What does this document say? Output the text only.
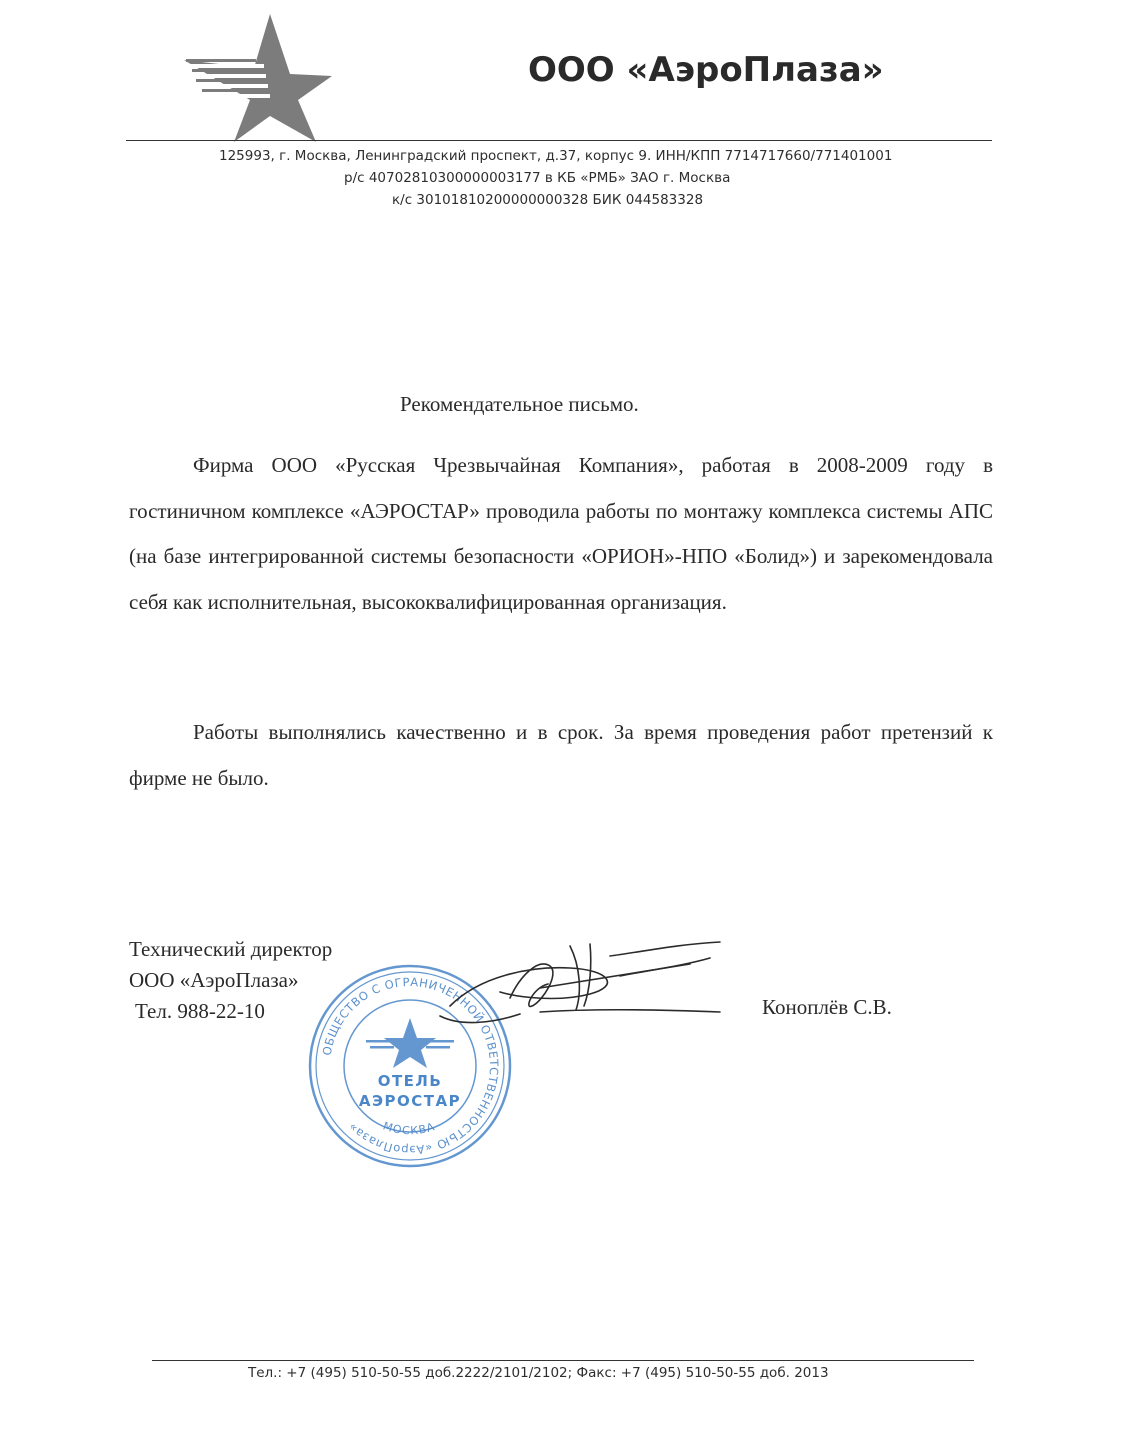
ООО «АэроПлаза»
125993, г. Москва, Ленинградский проспект, д.37, корпус 9. ИНН/КПП 7714717660/771401001
р/с 40702810300000003177 в КБ «РМБ» ЗАО г. Москва
к/с 30101810200000000328 БИК 044583328
Рекомендательное письмо.

Фирма ООО «Русская Чрезвычайная Компания», работая в 2008-2009 году в гостиничном комплексе «АЭРОСТАР» проводила работы по монтажу комплекса системы АПС (на базе интегрированной системы безопасности «ОРИОН»-НПО «Болид») и зарекомендовала себя как исполнительная, высококвалифицированная организация.

Работы выполнялись качественно и в срок. За время проведения работ претензий к фирме не было.

Технический директор
ООО «АэроПлаза»
Тел. 988-22-10	Коноплёв С.В.
ОБЩЕСТВО С ОГРАНИЧЕННОЙ ОТВЕТСТВЕННОСТЬЮ «АэроПлаза»	МОСКВА
ОТЕЛЬ
АЭРОСТАР
Тел.: +7 (495) 510-50-55 доб.2222/2101/2102; Факс: +7 (495) 510-50-55 доб. 2013
